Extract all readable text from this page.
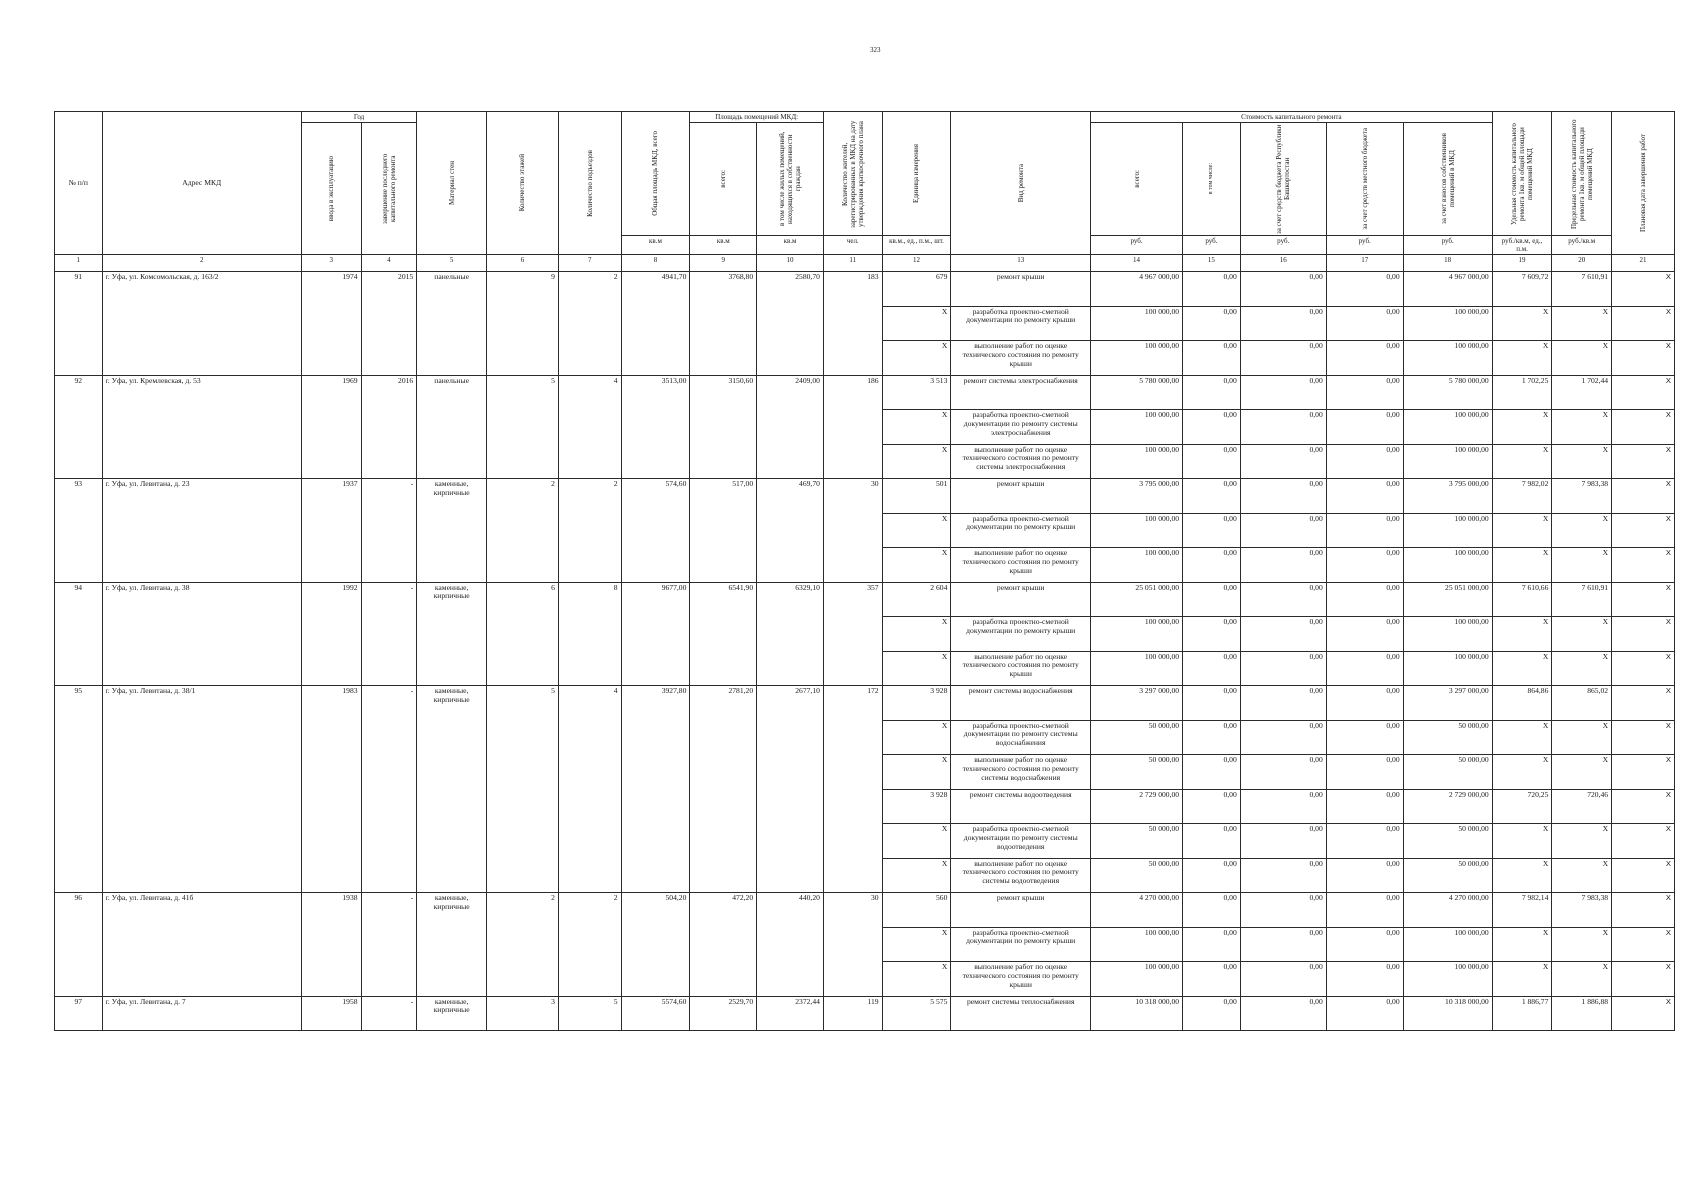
323
№ п/п	Адрес МКД	Год		Материал стен	Количество этажей	Количество подъездов	Общая площадь МКД, всего	Площадь помещений МКД:		Количество жителей, зарегистрированных в МКД на дату утверждения краткосрочного плана	Единица измерения	Вид ремонта	Стоимость капитального ремонта					Удельная стоимость капитального ремонта 1кв. м общей площади помещений МКД	Предельная стоимость капитального ремонта 1кв. м общей площади помещений МКД	Плановая дата завершения работ

		ввода в эксплуатацию	завершение последнего капитального ремонта					всего:	в том числе жилых помещений, находящихся в собственности граждан				всего:	в том числе:	за счет средств бюджета Республики Башкортостан	за счет средств местного бюджета	за счет взносов собственников помещений в МКД			

							кв.м	кв.м	кв.м	чел.	кв.м., ед., п.м., шт.		руб.	руб.	руб.	руб.	руб.	руб./кв.м, ед., п.м.	руб./кв.м	
1	2	3	4	5	6	7	8	9	10	11	12	13	14	15	16	17	18	19	20	21
91	г. Уфа, ул. Комсомольская, д. 163/2	1974	2015	панельные	9	2	4941,70	3768,80	2580,70	183	679	ремонт крыши	4 967 000,00	0,00	0,00	0,00	4 967 000,00	7 609,72	7 610,91	X
											X	разработка проектно-сметной документации по ремонту крыши	100 000,00	0,00	0,00	0,00	100 000,00	X	X	X
											X	выполнение работ по оценке технического состояния по ремонту крыши	100 000,00	0,00	0,00	0,00	100 000,00	X	X	X
92	г. Уфа, ул. Кремлевская, д. 53	1969	2016	панельные	5	4	3513,00	3150,60	2409,00	186	3 513	ремонт системы электроснабжения	5 780 000,00	0,00	0,00	0,00	5 780 000,00	1 702,25	1 702,44	X
											X	разработка проектно-сметной документации по ремонту системы электроснабжения	100 000,00	0,00	0,00	0,00	100 000,00	X	X	X
											X	выполнение работ по оценке технического состояния по ремонту системы электроснабжения	100 000,00	0,00	0,00	0,00	100 000,00	X	X	X
93	г. Уфа, ул. Левитана, д. 23	1937	-	каменные, кирпичные	2	2	574,60	517,00	469,70	30	501	ремонт крыши	3 795 000,00	0,00	0,00	0,00	3 795 000,00	7 982,02	7 983,38	X
											X	разработка проектно-сметной документации по ремонту крыши	100 000,00	0,00	0,00	0,00	100 000,00	X	X	X
											X	выполнение работ по оценке технического состояния по ремонту крыши	100 000,00	0,00	0,00	0,00	100 000,00	X	X	X
94	г. Уфа, ул. Левитана, д. 38	1992	-	каменные, кирпичные	6	8	9677,00	6541,90	6329,10	357	2 604	ремонт крыши	25 051 000,00	0,00	0,00	0,00	25 051 000,00	7 610,66	7 610,91	X
											X	разработка проектно-сметной документации по ремонту крыши	100 000,00	0,00	0,00	0,00	100 000,00	X	X	X
											X	выполнение работ по оценке технического состояния по ремонту крыши	100 000,00	0,00	0,00	0,00	100 000,00	X	X	X
95	г. Уфа, ул. Левитана, д. 38/1	1983	-	каменные, кирпичные	5	4	3927,80	2781,20	2677,10	172	3 928	ремонт системы водоснабжения	3 297 000,00	0,00	0,00	0,00	3 297 000,00	864,86	865,02	X
											X	разработка проектно-сметной документации по ремонту системы водоснабжения	50 000,00	0,00	0,00	0,00	50 000,00	X	X	X
											X	выполнение работ по оценке технического состояния по ремонту системы водоснабжения	50 000,00	0,00	0,00	0,00	50 000,00	X	X	X
											3 928	ремонт системы водоотведения	2 729 000,00	0,00	0,00	0,00	2 729 000,00	720,25	720,46	X
											X	разработка проектно-сметной документации по ремонту системы водоотведения	50 000,00	0,00	0,00	0,00	50 000,00	X	X	X
											X	выполнение работ по оценке технического состояния по ремонту системы водоотведения	50 000,00	0,00	0,00	0,00	50 000,00	X	X	X
96	г. Уфа, ул. Левитана, д. 41б	1938	-	каменные, кирпичные	2	2	504,20	472,20	440,20	30	560	ремонт крыши	4 270 000,00	0,00	0,00	0,00	4 270 000,00	7 982,14	7 983,38	X
											X	разработка проектно-сметной документации по ремонту крыши	100 000,00	0,00	0,00	0,00	100 000,00	X	X	X
											X	выполнение работ по оценке технического состояния по ремонту крыши	100 000,00	0,00	0,00	0,00	100 000,00	X	X	X
97	г. Уфа, ул. Левитана, д. 7	1958	-	каменные, кирпичные	3	5	5574,60	2529,70	2372,44	119	5 575	ремонт системы теплоснабжения	10 318 000,00	0,00	0,00	0,00	10 318 000,00	1 886,77	1 886,88	X
